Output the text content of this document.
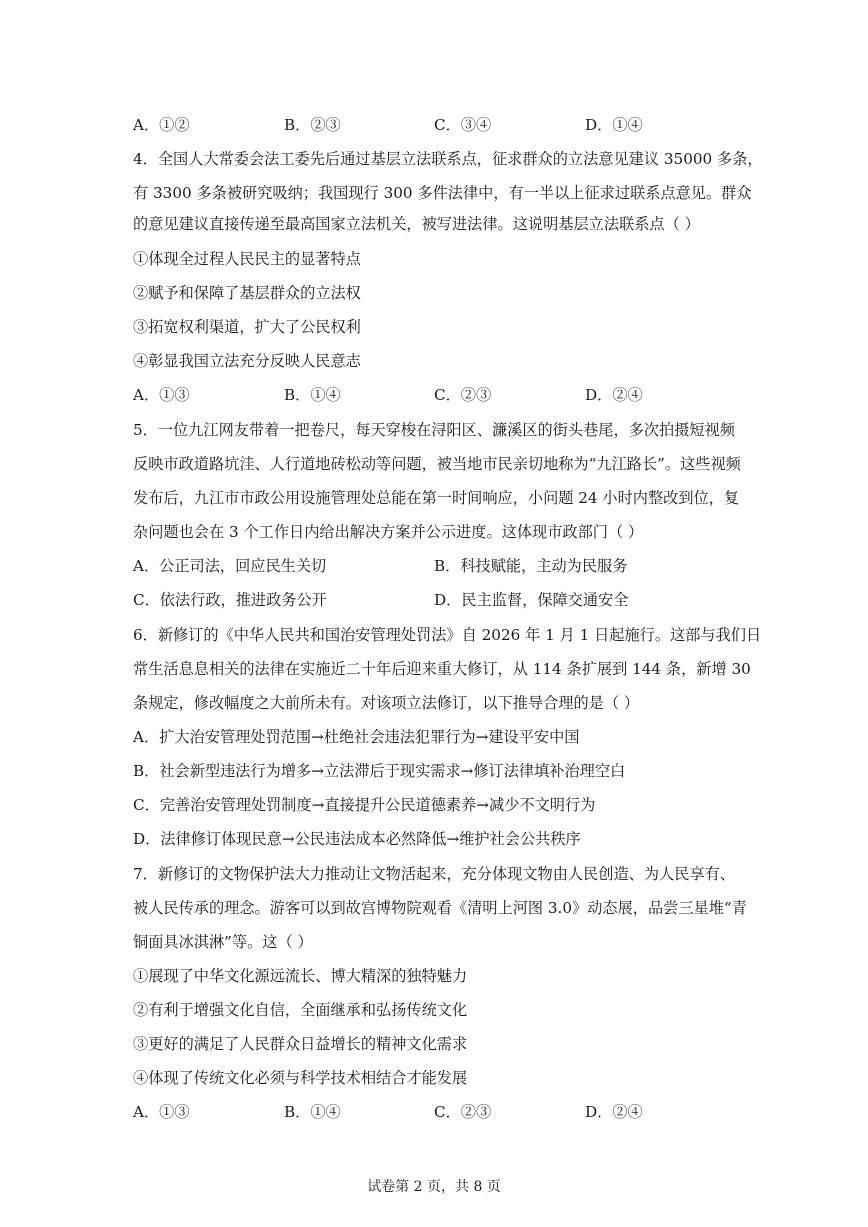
A．①②	B．②③	C．③④	D．①④
4．全国人大常委会法工委先后通过基层立法联系点，征求群众的立法意见建议 35000 多条，
有 3300 多条被研究吸纳；我国现行 300 多件法律中，有一半以上征求过联系点意见。群众
的意见建议直接传递至最高国家立法机关，被写进法律。这说明基层立法联系点（ ）
①体现全过程人民民主的显著特点
②赋予和保障了基层群众的立法权
③拓宽权利渠道，扩大了公民权利
④彰显我国立法充分反映人民意志
A．①③	B．①④	C．②③	D．②④
5．一位九江网友带着一把卷尺，每天穿梭在浔阳区、濂溪区的街头巷尾，多次拍摄短视频
反映市政道路坑洼、人行道地砖松动等问题，被当地市民亲切地称为“九江路长”。这些视频
发布后，九江市市政公用设施管理处总能在第一时间响应，小问题 24 小时内整改到位，复
杂问题也会在 3 个工作日内给出解决方案并公示进度。这体现市政部门（ ）
A．公正司法，回应民生关切	B．科技赋能，主动为民服务
C．依法行政，推进政务公开	D．民主监督，保障交通安全
6．新修订的《中华人民共和国治安管理处罚法》自 2026 年 1 月 1 日起施行。这部与我们日
常生活息息相关的法律在实施近二十年后迎来重大修订，从 114 条扩展到 144 条，新增 30
条规定，修改幅度之大前所未有。对该项立法修订，以下推导合理的是（ ）
A．扩大治安管理处罚范围→杜绝社会违法犯罪行为→建设平安中国
B．社会新型违法行为增多→立法滞后于现实需求→修订法律填补治理空白
C．完善治安管理处罚制度→直接提升公民道德素养→减少不文明行为
D．法律修订体现民意→公民违法成本必然降低→维护社会公共秩序
7．新修订的文物保护法大力推动让文物活起来，充分体现文物由人民创造、为人民享有、
被人民传承的理念。游客可以到故宫博物院观看《清明上河图 3.0》动态展，品尝三星堆“青
铜面具冰淇淋”等。这（ ）
①展现了中华文化源远流长、博大精深的独特魅力
②有利于增强文化自信，全面继承和弘扬传统文化
③更好的满足了人民群众日益增长的精神文化需求
④体现了传统文化必须与科学技术相结合才能发展
A．①③	B．①④	C．②③	D．②④
试卷第 2 页，共 8 页
